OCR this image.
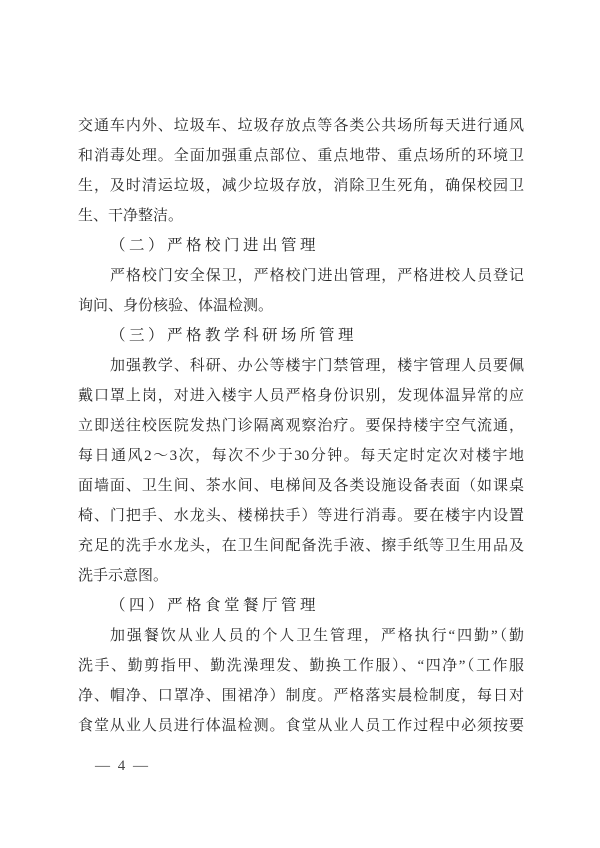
交通车内外、垃圾车、垃圾存放点等各类公共场所每天进行通风
和消毒处理。全面加强重点部位、重点地带、重点场所的环境卫
生，及时清运垃圾，减少垃圾存放，消除卫生死角，确保校园卫
生、干净整洁。
（二）严格校门进出管理
严格校门安全保卫，严格校门进出管理，严格进校人员登记
询问、身份核验、体温检测。
（三）严格教学科研场所管理
加强教学、科研、办公等楼宇门禁管理，楼宇管理人员要佩
戴口罩上岗，对进入楼宇人员严格身份识别，发现体温异常的应
立即送往校医院发热门诊隔离观察治疗。要保持楼宇空气流通，
每日通风2～3次，每次不少于30分钟。每天定时定次对楼宇地
面墙面、卫生间、茶水间、电梯间及各类设施设备表面（如课桌
椅、门把手、水龙头、楼梯扶手）等进行消毒。要在楼宇内设置
充足的洗手水龙头，在卫生间配备洗手液、擦手纸等卫生用品及
洗手示意图。
（四）严格食堂餐厅管理
加强餐饮从业人员的个人卫生管理，严格执行“四勤”（勤
洗手、勤剪指甲、勤洗澡理发、勤换工作服）、“四净”（工作服
净、帽净、口罩净、围裙净）制度。严格落实晨检制度，每日对
食堂从业人员进行体温检测。食堂从业人员工作过程中必须按要
— 4 —
